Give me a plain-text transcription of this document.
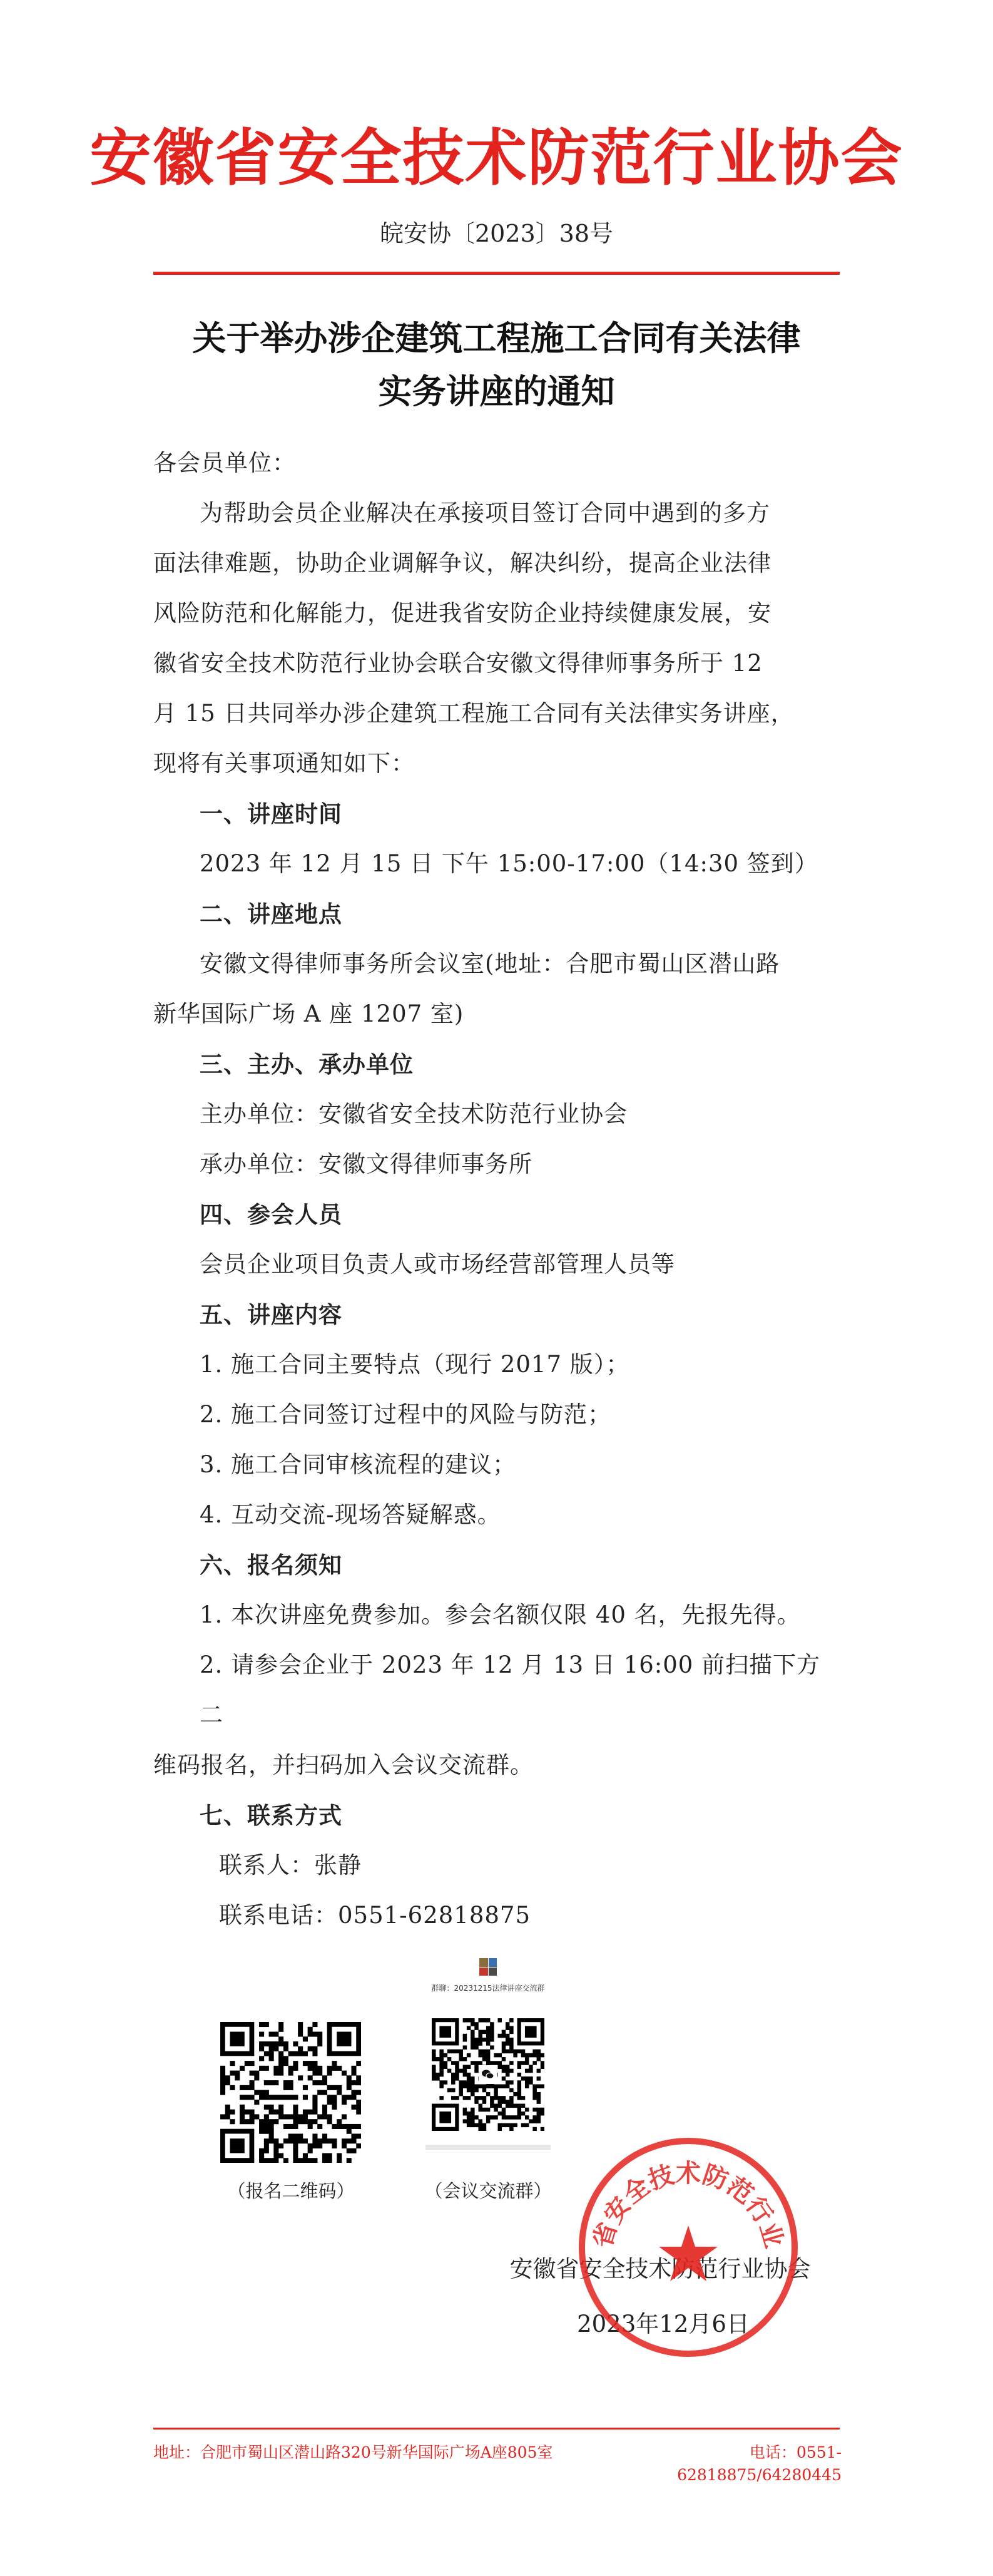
安徽省安全技术防范行业协会
皖安协〔2023〕38号
关于举办涉企建筑工程施工合同有关法律
实务讲座的通知

各会员单位：

为帮助会员企业解决在承接项目签订合同中遇到的多方

面法律难题，协助企业调解争议，解决纠纷，提高企业法律

风险防范和化解能力，促进我省安防企业持续健康发展，安

徽省安全技术防范行业协会联合安徽文得律师事务所于 12

月 15 日共同举办涉企建筑工程施工合同有关法律实务讲座，

现将有关事项通知如下：

一、讲座时间

2023 年 12 月 15 日 下午 15:00-17:00（14:30 签到）

二、讲座地点

安徽文得律师事务所会议室(地址：合肥市蜀山区潜山路

新华国际广场 A 座 1207 室)

三、主办、承办单位

主办单位：安徽省安全技术防范行业协会

承办单位：安徽文得律师事务所

四、参会人员

会员企业项目负责人或市场经营部管理人员等

五、讲座内容

1. 施工合同主要特点（现行 2017 版）；

2. 施工合同签订过程中的风险与防范；

3. 施工合同审核流程的建议；

4. 互动交流-现场答疑解惑。

六、报名须知

1. 本次讲座免费参加。参会名额仅限 40 名，先报先得。

2. 请参会企业于 2023 年 12 月 13 日 16:00 前扫描下方二

维码报名，并扫码加入会议交流群。

七、联系方式

联系人：张静

联系电话：0551-62818875

（报名二维码）
群聊：20231215法律讲座交流群
（会议交流群）
安徽省安全技术防范行业协会
2023年12月6日
省安全技术防范行业
地址：合肥市蜀山区潜山路320号新华国际广场A座805室	电话：0551-62818875/64280445
